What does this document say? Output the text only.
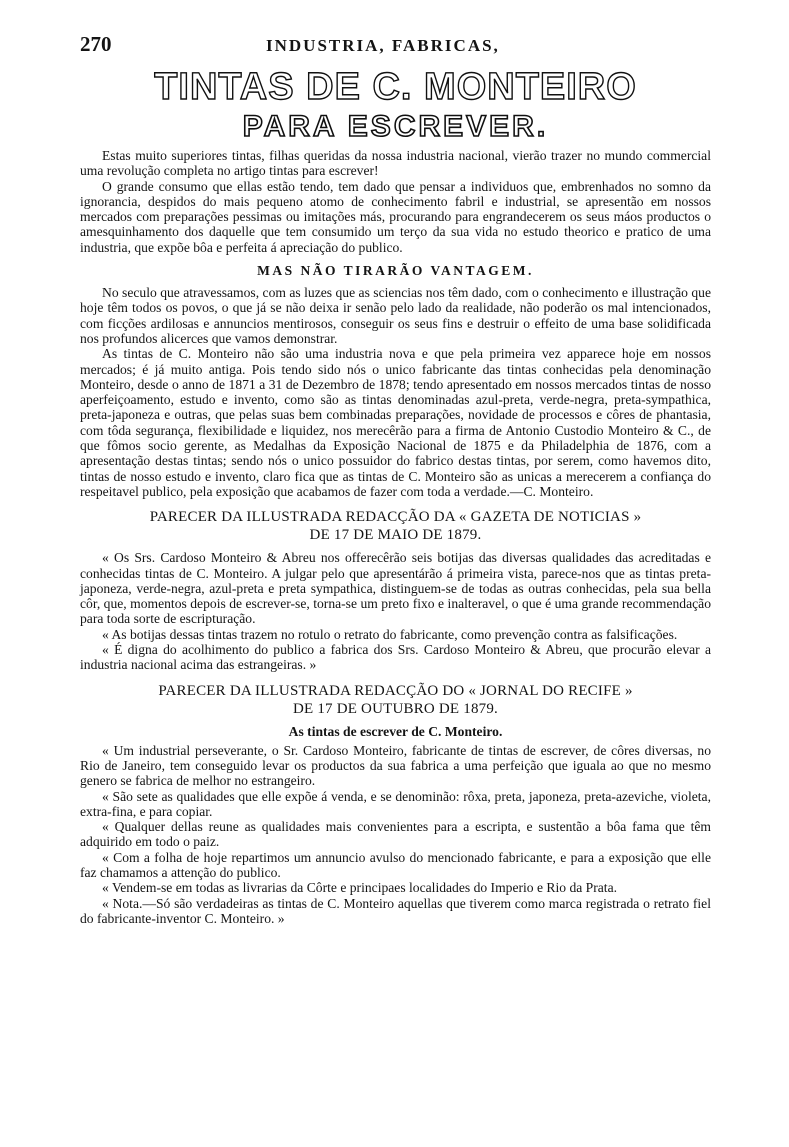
270	INDUSTRIA, FABRICAS,
TINTAS DE C. MONTEIRO
PARA ESCREVER.

Estas muito superiores tintas, filhas queridas da nossa industria nacional, vierão trazer no mundo commercial uma revolução completa no artigo tintas para escrever!

O grande consumo que ellas estão tendo, tem dado que pensar a individuos que, embrenhados no somno da ignorancia, despidos do mais pequeno atomo de conhecimento fabril e industrial, se apresentão em nossos mercados com preparações pessimas ou imitações más, procurando para engrandecerem os seus máos productos o amesquinhamento dos daquelle que tem consumido um terço da sua vida no estudo theorico e pratico de uma industria, que expõe bôa e perfeita á apreciação do publico.

MAS NÃO TIRARÃO VANTAGEM.

No seculo que atravessamos, com as luzes que as sciencias nos têm dado, com o conhecimento e illustração que hoje têm todos os povos, o que já se não deixa ir senão pelo lado da realidade, não poderão os mal intencionados, com ficções ardilosas e annuncios mentirosos, conseguir os seus fins e destruir o effeito de uma base solidificada nos profundos alicerces que vamos demonstrar.

As tintas de C. Monteiro não são uma industria nova e que pela primeira vez apparece hoje em nossos mercados; é já muito antiga. Pois tendo sido nós o unico fabricante das tintas conhecidas pela denominação Monteiro, desde o anno de 1871 a 31 de Dezembro de 1878; tendo apresentado em nossos mercados tintas de nosso aperfeiçoamento, estudo e invento, como são as tintas denominadas azul-preta, verde-negra, preta-sympathica, preta-japoneza e outras, que pelas suas bem combinadas preparações, novidade de processos e côres de phantasia, com tôda segurança, flexibilidade e liquidez, nos merecêrão para a firma de Antonio Custodio Monteiro & C., de que fômos socio gerente, as Medalhas da Exposição Nacional de 1875 e da Philadelphia de 1876, com a apresentação destas tintas; sendo nós o unico possuidor do fabrico destas tintas, por serem, como havemos dito, tintas de nosso estudo e invento, claro fica que as tintas de C. Monteiro são as unicas a merecerem a confiança do respeitavel publico, pela exposição que acabamos de fazer com toda a verdade.—C. Monteiro.

PARECER DA ILLUSTRADA REDACÇÃO DA « GAZETA DE NOTICIAS »
DE 17 DE MAIO DE 1879.

« Os Srs. Cardoso Monteiro & Abreu nos offerecêrão seis botijas das diversas qualidades das acreditadas e conhecidas tintas de C. Monteiro. A julgar pelo que apresentárão á primeira vista, parece-nos que as tintas preta-japoneza, verde-negra, azul-preta e preta sympathica, distinguem-se de todas as outras conhecidas, pela sua bella côr, que, momentos depois de escrever-se, torna-se um preto fixo e inalteravel, o que é uma grande recommendação para toda sorte de escripturação.

« As botijas dessas tintas trazem no rotulo o retrato do fabricante, como prevenção contra as falsificações.

« É digna do acolhimento do publico a fabrica dos Srs. Cardoso Monteiro & Abreu, que procurão elevar a industria nacional acima das estrangeiras. »

PARECER DA ILLUSTRADA REDACÇÃO DO « JORNAL DO RECIFE »
DE 17 DE OUTUBRO DE 1879.
As tintas de escrever de C. Monteiro.

« Um industrial perseverante, o Sr. Cardoso Monteiro, fabricante de tintas de escrever, de côres diversas, no Rio de Janeiro, tem conseguido levar os productos da sua fabrica a uma perfeição que iguala ao que no mesmo genero se fabrica de melhor no estrangeiro.

« São sete as qualidades que elle expõe á venda, e se denominão: rôxa, preta, japoneza, preta-azeviche, violeta, extra-fina, e para copiar.

« Qualquer dellas reune as qualidades mais convenientes para a escripta, e sustentão a bôa fama que têm adquirido em todo o paiz.

« Com a folha de hoje repartimos um annuncio avulso do mencionado fabricante, e para a exposição que elle faz chamamos a attenção do publico.

« Vendem-se em todas as livrarias da Côrte e principaes localidades do Imperio e Rio da Prata.

« Nota.—Só são verdadeiras as tintas de C. Monteiro aquellas que tiverem como marca registrada o retrato fiel do fabricante-inventor C. Monteiro. »
